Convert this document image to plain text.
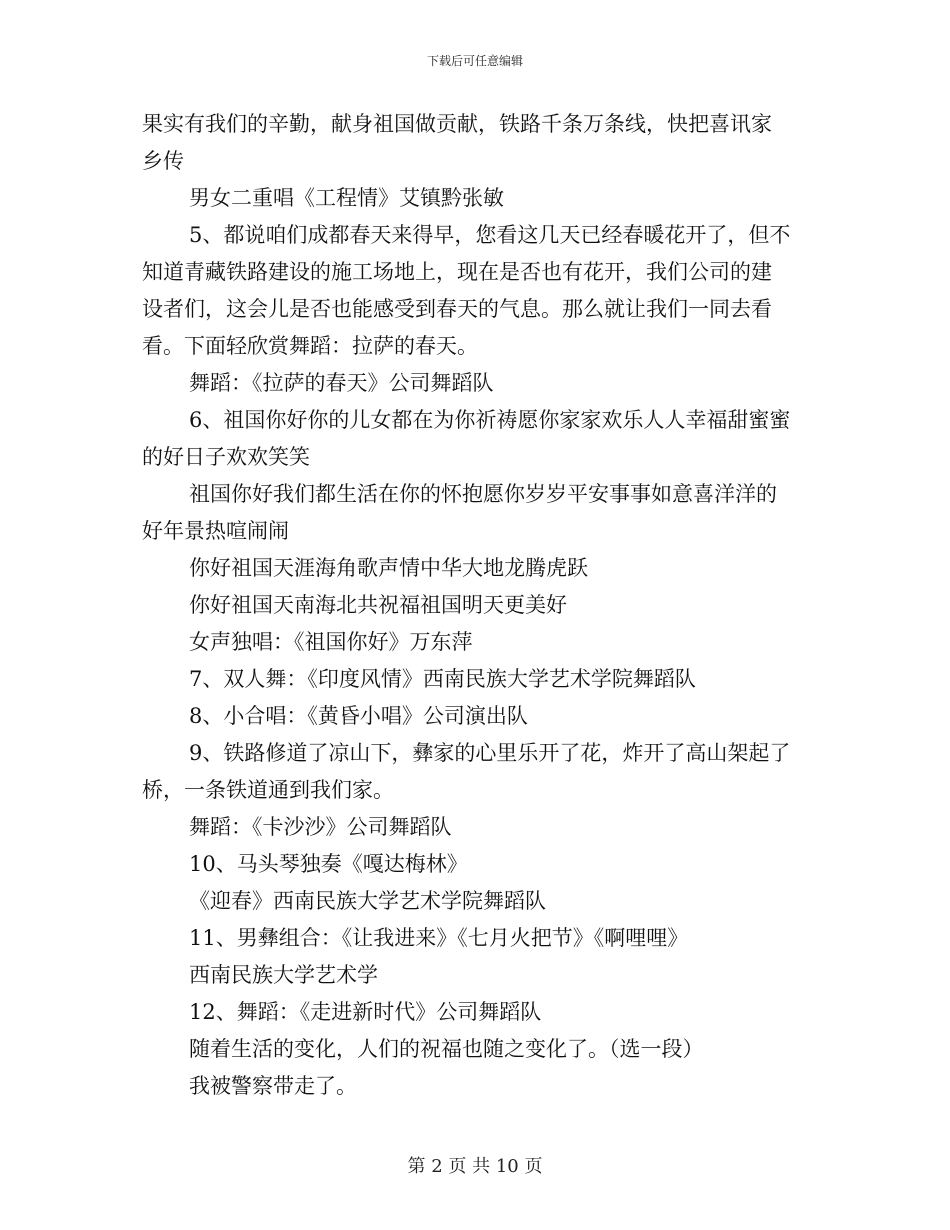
下载后可任意编辑
果实有我们的辛勤，献身祖国做贡献，铁路千条万条线，快把喜讯家
乡传
男女二重唱《工程情》艾镇黔张敏
5、都说咱们成都春天来得早，您看这几天已经春暖花开了，但不
知道青藏铁路建设的施工场地上，现在是否也有花开，我们公司的建
设者们，这会儿是否也能感受到春天的气息。那么就让我们一同去看
看。下面轻欣赏舞蹈：拉萨的春天。
舞蹈：《拉萨的春天》公司舞蹈队
6、祖国你好你的儿女都在为你祈祷愿你家家欢乐人人幸福甜蜜蜜
的好日子欢欢笑笑
祖国你好我们都生活在你的怀抱愿你岁岁平安事事如意喜洋洋的
好年景热喧闹闹
你好祖国天涯海角歌声情中华大地龙腾虎跃
你好祖国天南海北共祝福祖国明天更美好
女声独唱：《祖国你好》万东萍
7、双人舞：《印度风情》西南民族大学艺术学院舞蹈队
8、小合唱：《黄昏小唱》公司演出队
9、铁路修道了凉山下，彝家的心里乐开了花，炸开了高山架起了
桥，一条铁道通到我们家。
舞蹈：《卡沙沙》公司舞蹈队
10、马头琴独奏《嘎达梅林》
《迎春》西南民族大学艺术学院舞蹈队
11、男彝组合：《让我进来》《七月火把节》《啊哩哩》
西南民族大学艺术学
12、舞蹈：《走进新时代》公司舞蹈队
随着生活的变化，人们的祝福也随之变化了。（选一段）
我被警察带走了。
第 2 页 共 10 页
